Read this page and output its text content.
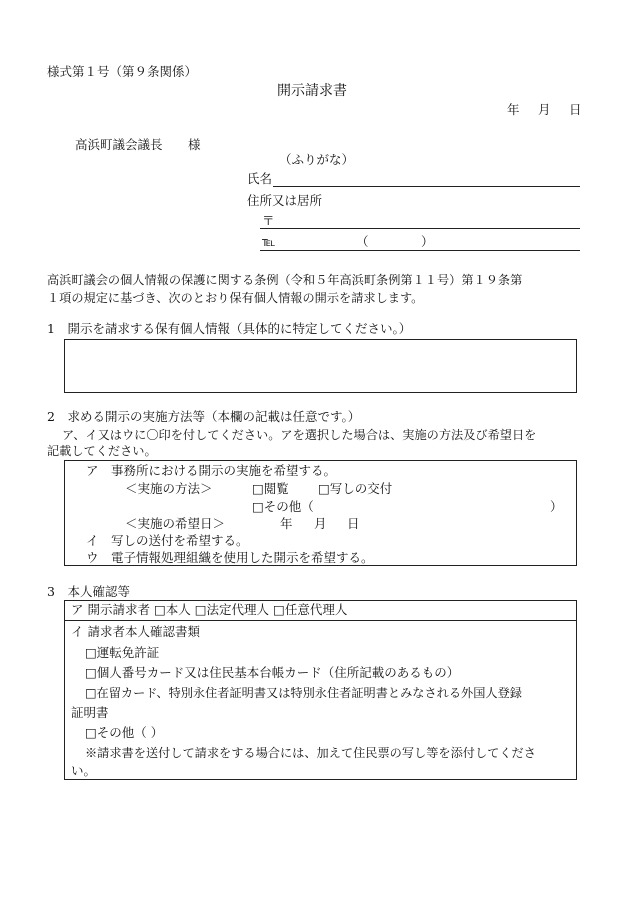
様式第１号（第９条関係）
開示請求書
年 月 日
高浜町議会議長 様
（ふりがな）
氏名
住所又は居所
〒
℡	（	）
高浜町議会の個人情報の保護に関する条例（令和５年高浜町条例第１１号）第１９条第
１項の規定に基づき、次のとおり保有個人情報の開示を請求します。
1　開示を請求する保有個人情報（具体的に特定してください。）
2　求める開示の実施方法等（本欄の記載は任意です。）
ア、イ又はウに〇印を付してください。アを選択した場合は、実施の方法及び希望日を
記載してください。
ア　事務所における開示の実施を希望する。
＜実施の方法＞	□閲覧 □写しの交付
□その他（	）
＜実施の希望日＞	年 月 日
イ　写しの送付を希望する。
ウ　電子情報処理組織を使用した開示を希望する。
3　本人確認等
ア 開示請求者 □本人 □法定代理人 □任意代理人
イ 請求者本人確認書類
□運転免許証
□個人番号カード又は住民基本台帳カード（住所記載のあるもの）
□在留カード、特別永住者証明書又は特別永住者証明書とみなされる外国人登録
証明書
□その他（ ）
※請求書を送付して請求をする場合には、加えて住民票の写し等を添付してくださ
い。
